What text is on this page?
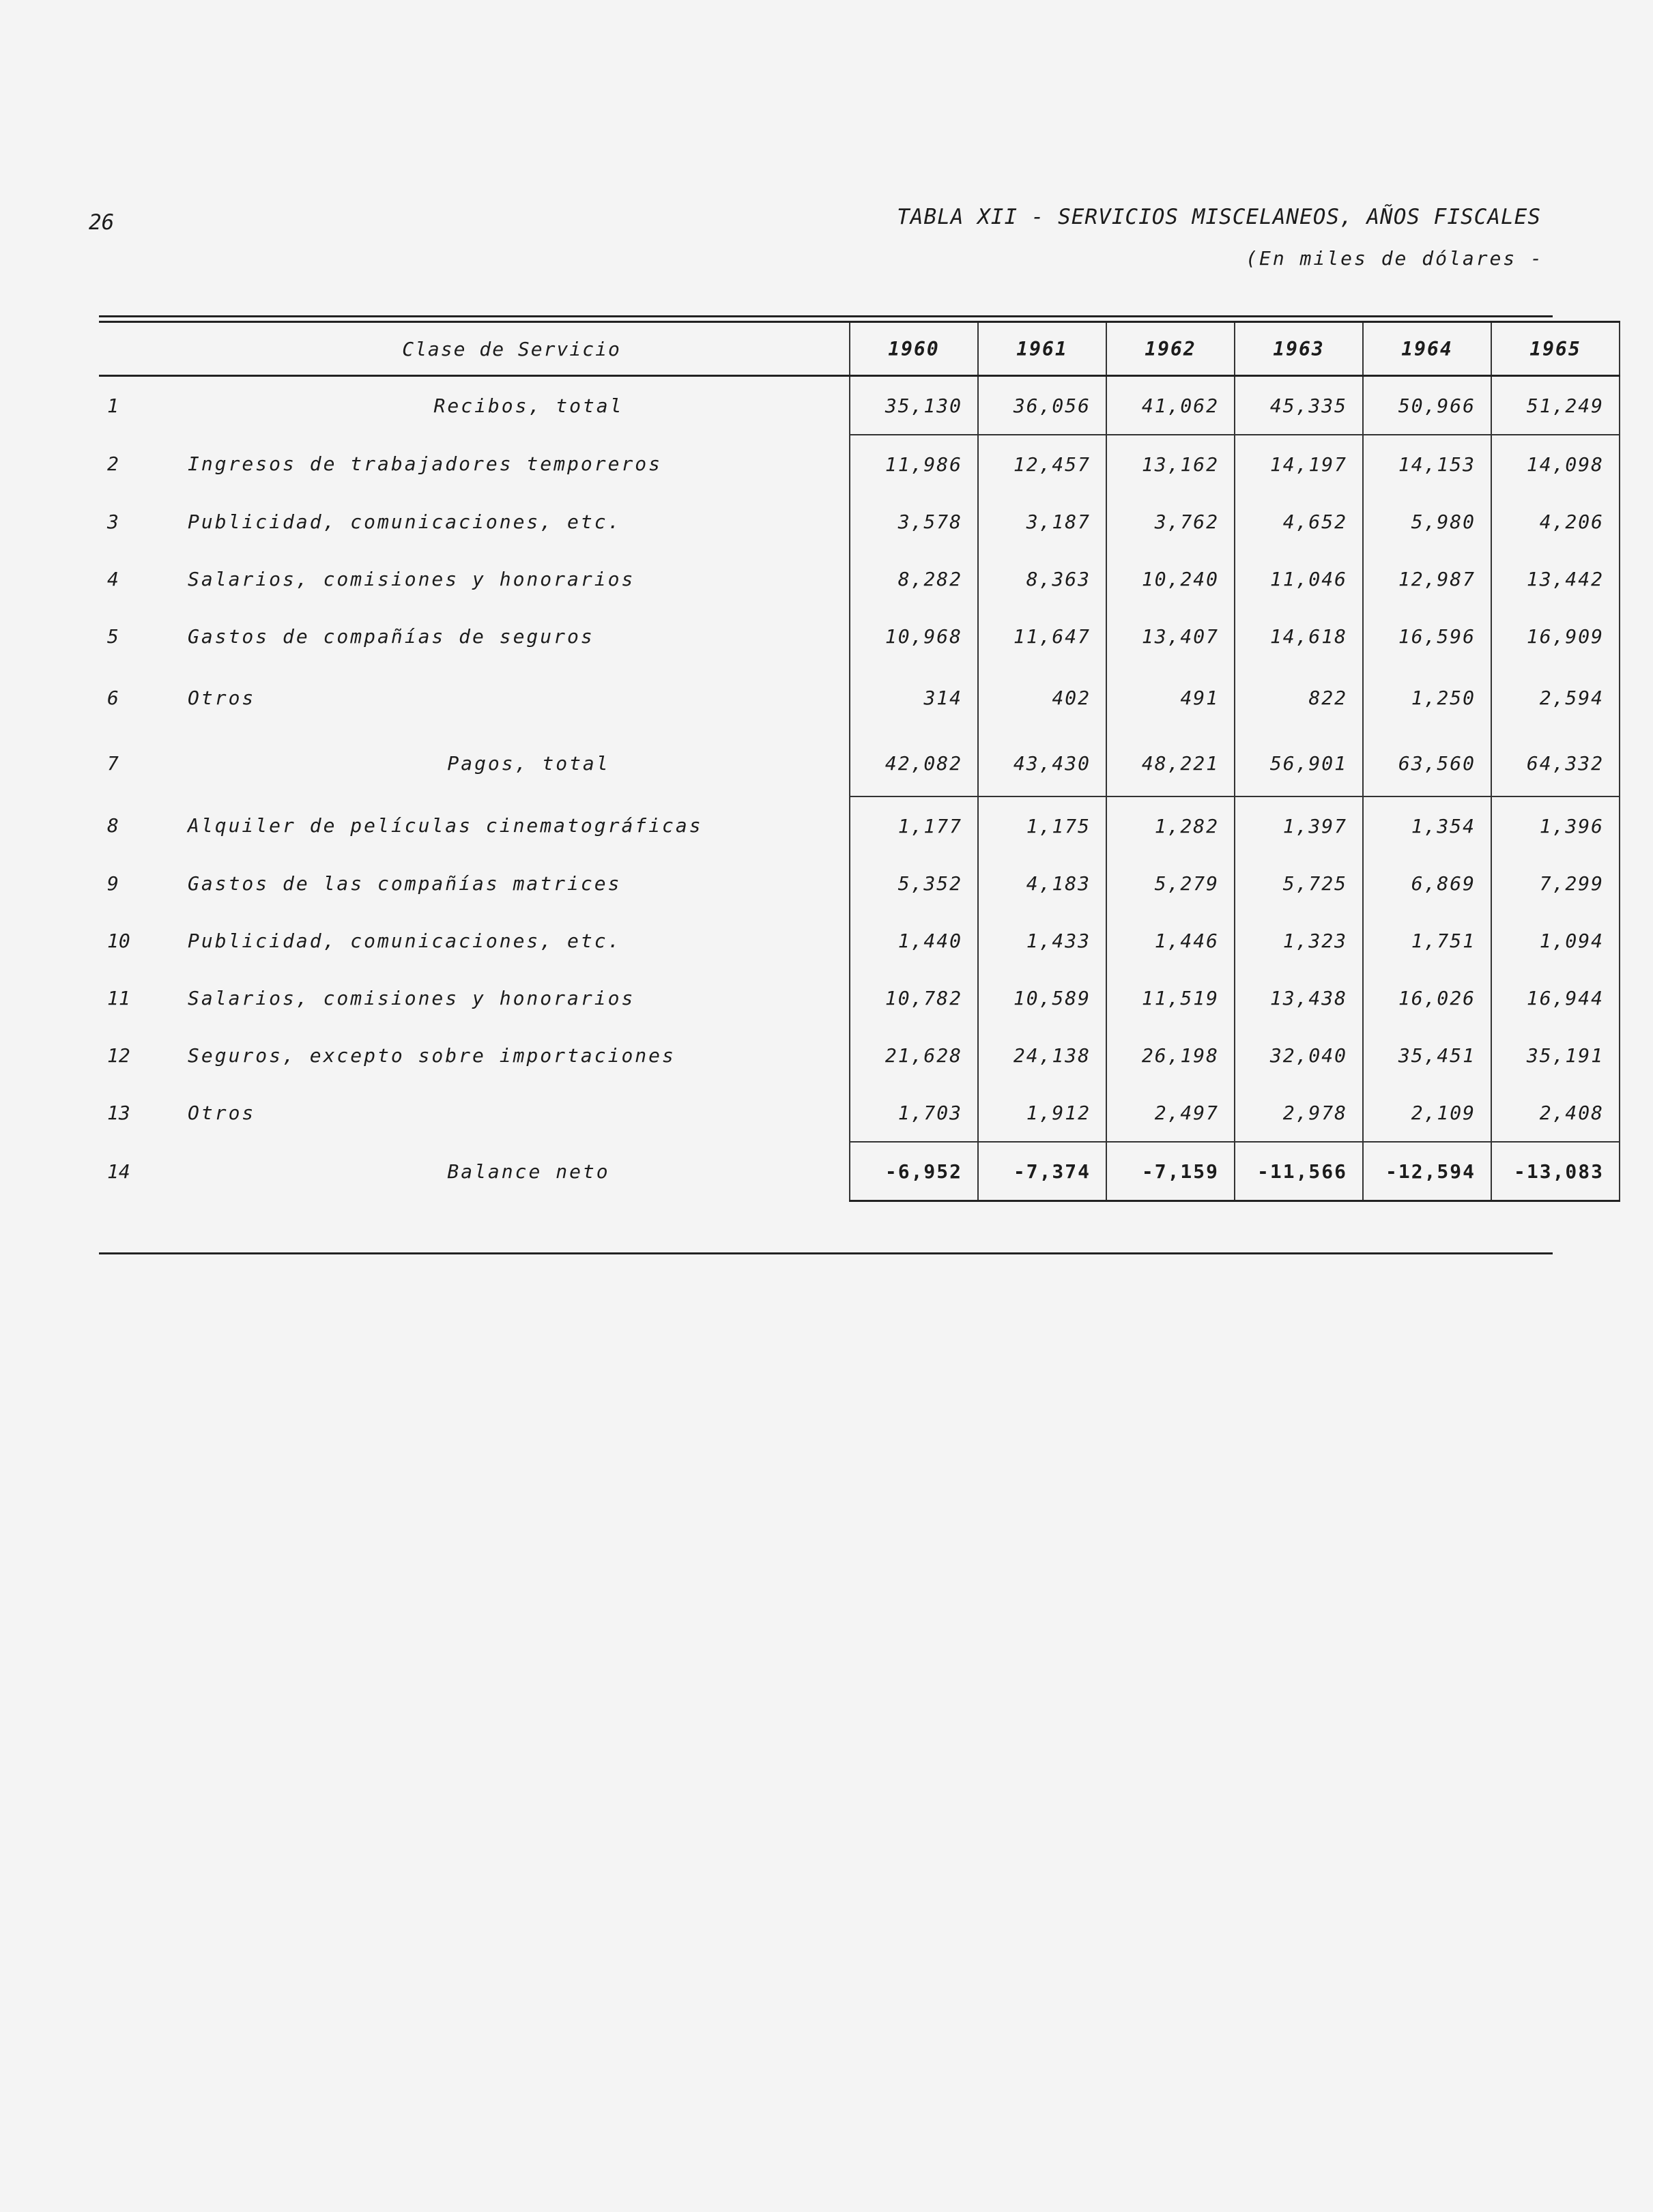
26	TABLA XII - SERVICIOS MISCELANEOS, AÑOS FISCALES
(En miles de dólares -
Clase de Servicio		1960	1961	1962	1963	1964	1965
1	Recibos, total	35,130	36,056	41,062	45,335	50,966	51,249
2	Ingresos de trabajadores temporeros	11,986	12,457	13,162	14,197	14,153	14,098
3	Publicidad, comunicaciones, etc.	3,578	3,187	3,762	4,652	5,980	4,206
4	Salarios, comisiones y honorarios	8,282	8,363	10,240	11,046	12,987	13,442
5	Gastos de compañías de seguros	10,968	11,647	13,407	14,618	16,596	16,909
6	Otros	314	402	491	822	1,250	2,594
7	Pagos, total	42,082	43,430	48,221	56,901	63,560	64,332
8	Alquiler de películas cinematográficas	1,177	1,175	1,282	1,397	1,354	1,396
9	Gastos de las compañías matrices	5,352	4,183	5,279	5,725	6,869	7,299
10	Publicidad, comunicaciones, etc.	1,440	1,433	1,446	1,323	1,751	1,094
11	Salarios, comisiones y honorarios	10,782	10,589	11,519	13,438	16,026	16,944
12	Seguros, excepto sobre importaciones	21,628	24,138	26,198	32,040	35,451	35,191
13	Otros	1,703	1,912	2,497	2,978	2,109	2,408
14	Balance neto	-6,952	-7,374	-7,159	-11,566	-12,594	-13,083
